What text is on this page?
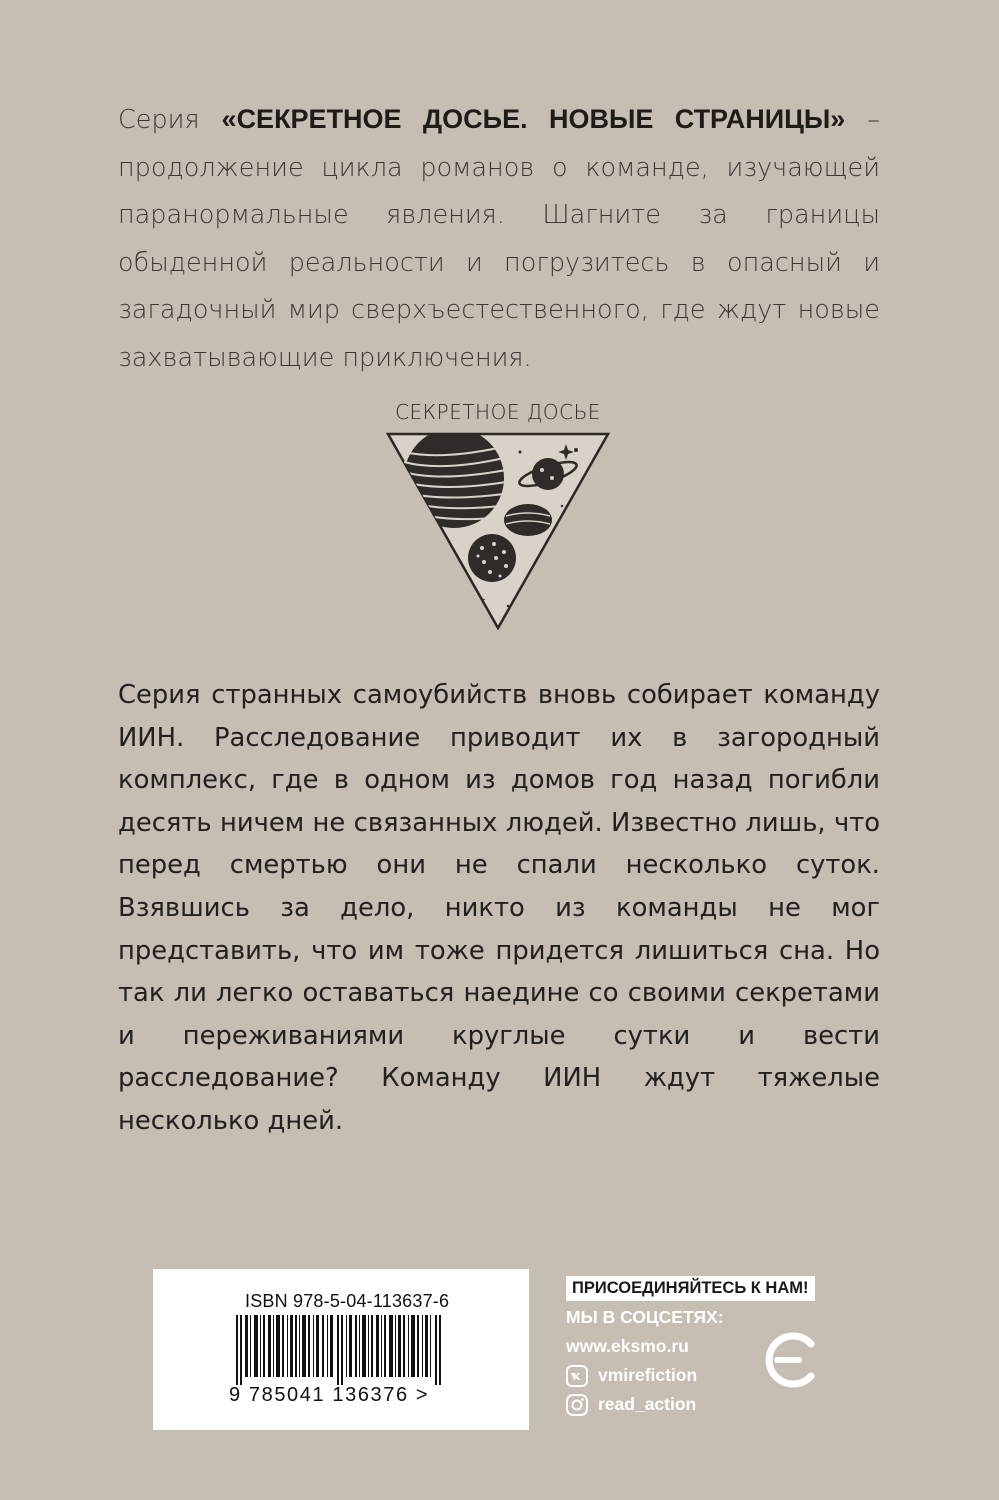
Серия «СЕКРЕТНОЕ ДОСЬЕ. НОВЫЕ СТРАНИЦЫ» – продолжение цикла романов о команде, изучающей паранормальные явления. Шагните за границы обыденной реальности и погрузитесь в опасный и загадочный мир сверхъестественного, где ждут новые захватывающие приключения.

СЕКРЕТНОЕ ДОСЬЕ

Серия странных самоубийств вновь собирает команду ИИН. Расследование приводит их в загородный комплекс, где в одном из домов год назад погибли десять ничем не связанных людей. Известно лишь, что перед смертью они не спали несколько суток. Взявшись за дело, никто из команды не мог представить, что им тоже придется лишиться сна. Но так ли легко оставаться наедине со своими секретами и переживаниями круглые сутки и вести расследование? Команду ИИН ждут тяжелые несколько дней.

ISBN 978-5-04-113637-6
9 785041 136376 >
ПРИСОЕДИНЯЙТЕСЬ К НАМ!
МЫ В СОЦСЕТЯХ:
www.eksmo.ru
vmirefiction
read_action
